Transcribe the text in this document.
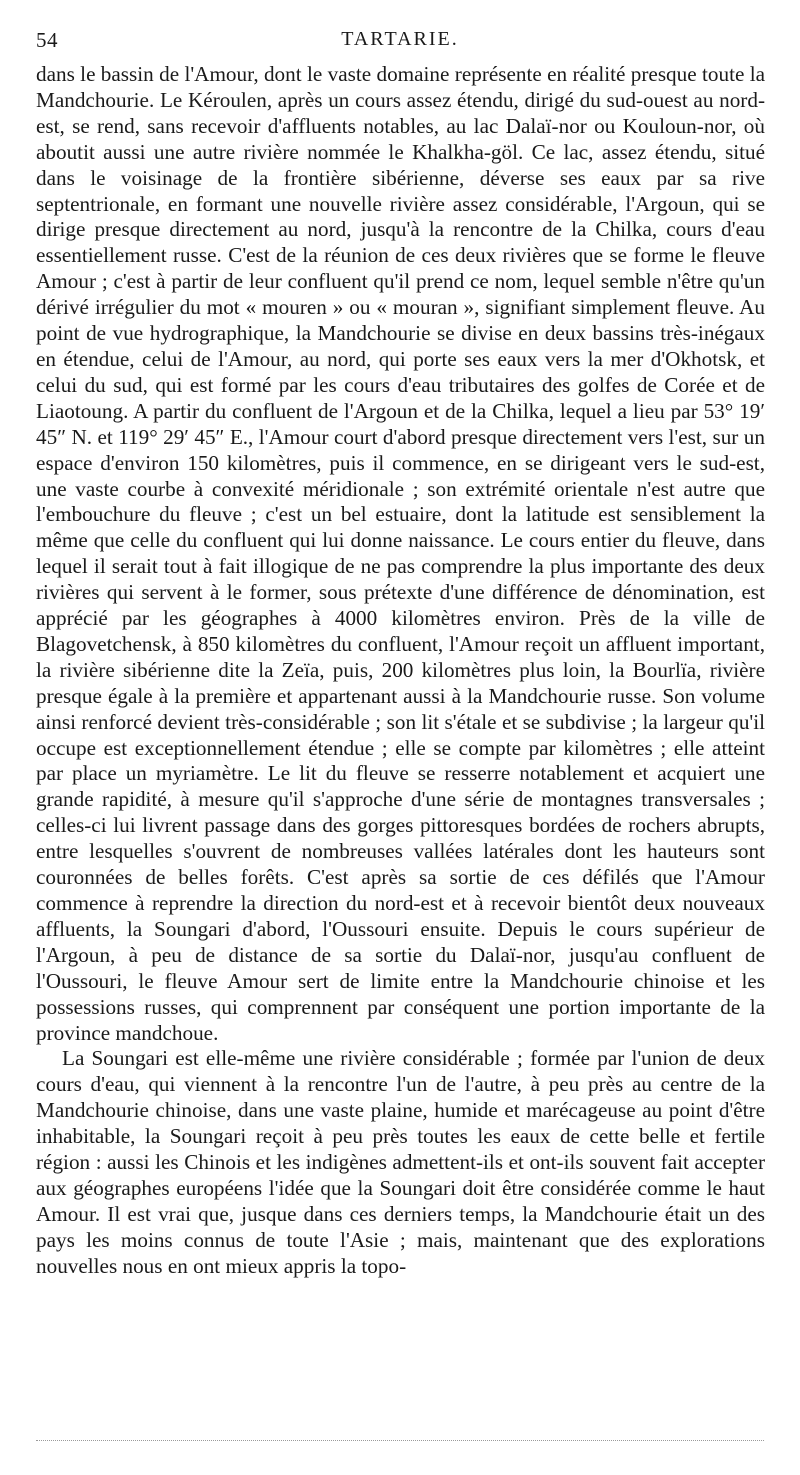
54	TARTARIE.

dans le bassin de l'Amour, dont le vaste domaine représente en réalité presque toute la Mandchourie. Le Kéroulen, après un cours assez étendu, dirigé du sud-ouest au nord-est, se rend, sans recevoir d'affluents notables, au lac Dalaï-nor ou Kouloun-nor, où aboutit aussi une autre rivière nommée le Khalkha-göl. Ce lac, assez étendu, situé dans le voisinage de la frontière sibérienne, déverse ses eaux par sa rive septentrionale, en formant une nouvelle rivière assez considérable, l'Argoun, qui se dirige presque directement au nord, jusqu'à la rencontre de la Chilka, cours d'eau essentiellement russe. C'est de la réunion de ces deux rivières que se forme le fleuve Amour ; c'est à partir de leur confluent qu'il prend ce nom, lequel semble n'être qu'un dérivé irrégulier du mot « mouren » ou « mouran », signifiant simplement fleuve. Au point de vue hydrographique, la Mandchourie se divise en deux bassins très-inégaux en étendue, celui de l'Amour, au nord, qui porte ses eaux vers la mer d'Okhotsk, et celui du sud, qui est formé par les cours d'eau tributaires des golfes de Corée et de Liaotoung. A partir du confluent de l'Argoun et de la Chilka, lequel a lieu par 53° 19′ 45″ N. et 119° 29′ 45″ E., l'Amour court d'abord presque directement vers l'est, sur un espace d'environ 150 kilomètres, puis il commence, en se dirigeant vers le sud-est, une vaste courbe à convexité méridionale ; son extrémité orientale n'est autre que l'embouchure du fleuve ; c'est un bel estuaire, dont la latitude est sensiblement la même que celle du confluent qui lui donne naissance. Le cours entier du fleuve, dans lequel il serait tout à fait illogique de ne pas comprendre la plus importante des deux rivières qui servent à le former, sous prétexte d'une différence de dénomination, est apprécié par les géographes à 4000 kilomètres environ. Près de la ville de Blagovetchensk, à 850 kilomètres du confluent, l'Amour reçoit un affluent important, la rivière sibérienne dite la Zeïa, puis, 200 kilomètres plus loin, la Bourlïa, rivière presque égale à la première et appartenant aussi à la Mandchourie russe. Son volume ainsi renforcé devient très-considérable ; son lit s'étale et se subdivise ; la largeur qu'il occupe est exceptionnellement étendue ; elle se compte par kilomètres ; elle atteint par place un myriamètre. Le lit du fleuve se resserre notablement et acquiert une grande rapidité, à mesure qu'il s'approche d'une série de montagnes transversales ; celles-ci lui livrent passage dans des gorges pittoresques bordées de rochers abrupts, entre lesquelles s'ouvrent de nombreuses vallées latérales dont les hauteurs sont couronnées de belles forêts. C'est après sa sortie de ces défilés que l'Amour commence à reprendre la direction du nord-est et à recevoir bientôt deux nouveaux affluents, la Soungari d'abord, l'Oussouri ensuite. Depuis le cours supérieur de l'Argoun, à peu de distance de sa sortie du Dalaï-nor, jusqu'au confluent de l'Oussouri, le fleuve Amour sert de limite entre la Mandchourie chinoise et les possessions russes, qui comprennent par conséquent une portion importante de la province mandchoue.

La Soungari est elle-même une rivière considérable ; formée par l'union de deux cours d'eau, qui viennent à la rencontre l'un de l'autre, à peu près au centre de la Mandchourie chinoise, dans une vaste plaine, humide et marécageuse au point d'être inhabitable, la Soungari reçoit à peu près toutes les eaux de cette belle et fertile région : aussi les Chinois et les indigènes admettent-ils et ont-ils souvent fait accepter aux géographes européens l'idée que la Soungari doit être considérée comme le haut Amour. Il est vrai que, jusque dans ces derniers temps, la Mandchourie était un des pays les moins connus de toute l'Asie ; mais, maintenant que des explorations nouvelles nous en ont mieux appris la topo-
